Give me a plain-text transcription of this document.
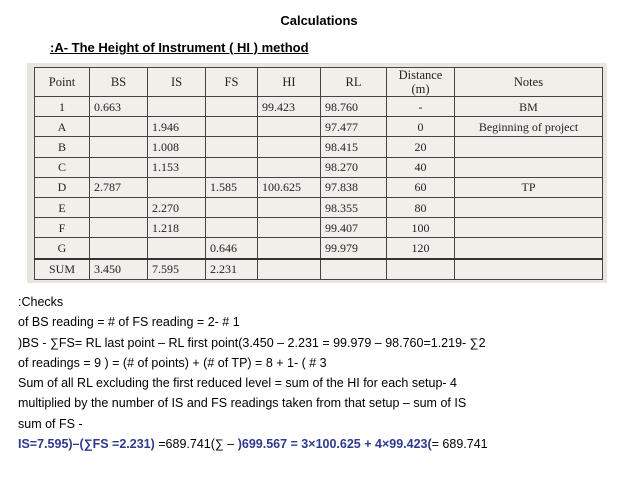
Calculations
:A- The Height of Instrument ( HI ) method
Point	BS	IS	FS	HI	RL	Distance (m)	Notes
1	0.663			99.423	98.760	-	BM
A		1.946			97.477	0	Beginning of project
B		1.008			98.415	20	
C		1.153			98.270	40	
D	2.787		1.585	100.625	97.838	60	TP
E		2.270			98.355	80	
F		1.218			99.407	100	
G			0.646		99.979	120	
SUM	3.450	7.595	2.231				
:Checks
of BS reading = # of FS reading = 2- # 1
)BS - ∑FS= RL last point – RL first point(3.450 – 2.231 = 99.979 – 98.760=1.219- ∑2
of readings = 9 ) = (# of points) + (# of TP) = 8 + 1- ( # 3
Sum of all RL excluding the first reduced level = sum of the HI for each setup- 4
multiplied by the number of IS and FS readings taken from that setup – sum of IS
sum of FS -
IS=7.595)–(∑FS =2.231) =689.741(∑ – )699.567 = 3×100.625 + 4×99.423(= 689.741
